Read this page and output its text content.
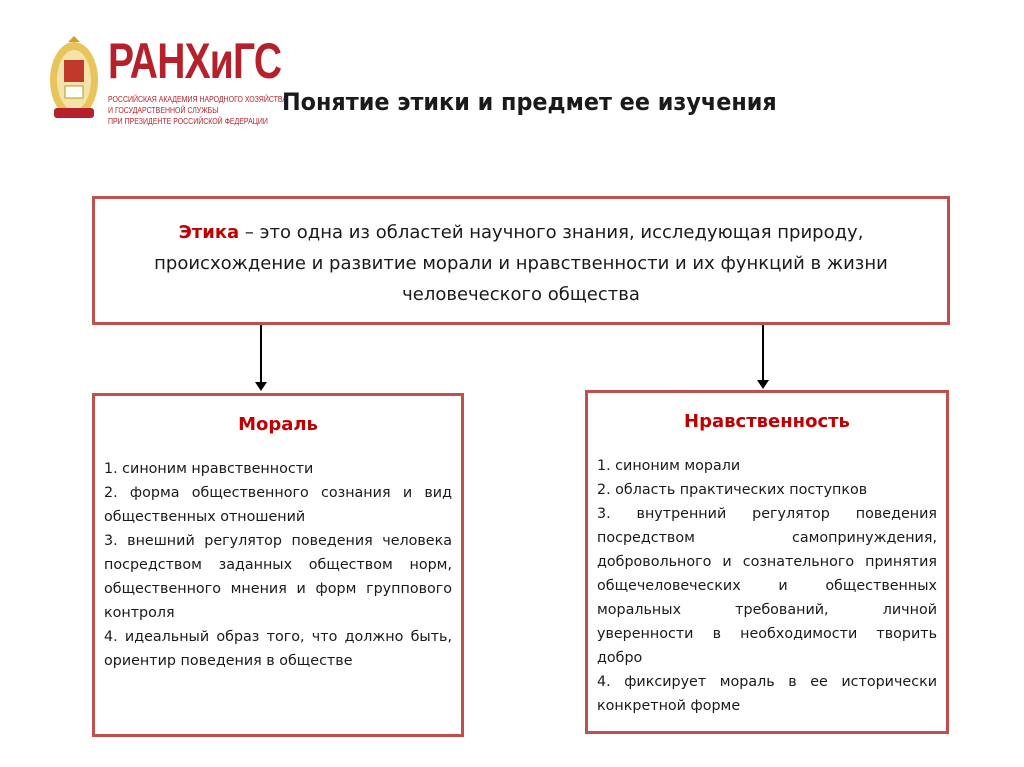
РАНХиГС
РОССИЙСКАЯ АКАДЕМИЯ НАРОДНОГО ХОЗЯЙСТВА
И ГОСУДАРСТВЕННОЙ СЛУЖБЫ
ПРИ ПРЕЗИДЕНТЕ РОССИЙСКОЙ ФЕДЕРАЦИИ
Понятие этики и предмет ее изучения
Этика – это одна из областей научного знания, исследующая природу, происхождение и развитие морали и нравственности и их функций в жизни человеческого общества
Мораль
1. синоним нравственности
2. форма общественного сознания и вид общественных отношений
3. внешний регулятор поведения человека посредством заданных обществом норм, общественного мнения и форм группового контроля
4. идеальный образ того, что должно быть, ориентир поведения в обществе
Нравственность
1. синоним морали
2. область практических поступков
3. внутренний регулятор поведения посредством самопринуждения, добровольного и сознательного принятия общечеловеческих и общественных моральных требований, личной уверенности в необходимости творить добро
4. фиксирует мораль в ее исторически конкретной форме
